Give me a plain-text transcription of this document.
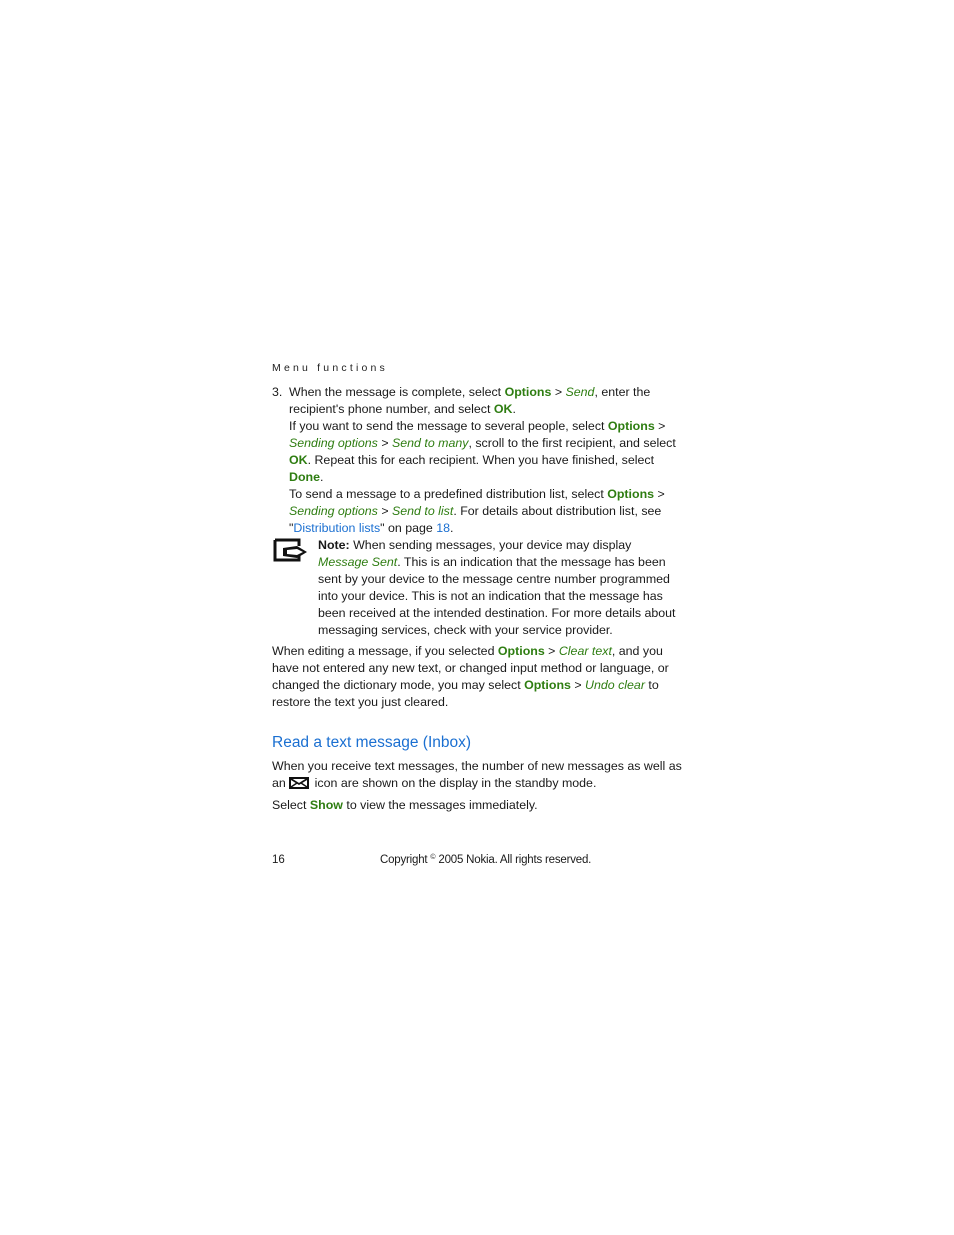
Menu functions

3. When the message is complete, select Options > Send, enter the recipient's phone number, and select OK.

If you want to send the message to several people, select Options > Sending options > Send to many, scroll to the first recipient, and select OK. Repeat this for each recipient. When you have finished, select Done.

To send a message to a predefined distribution list, select Options > Sending options > Send to list. For details about distribution list, see "Distribution lists" on page 18.

Note: When sending messages, your device may display Message Sent. This is an indication that the message has been sent by your device to the message centre number programmed into your device. This is not an indication that the message has been received at the intended destination. For more details about messaging services, check with your service provider.

When editing a message, if you selected Options > Clear text, and you have not entered any new text, or changed input method or language, or changed the dictionary mode, you may select Options > Undo clear to restore the text you just cleared.

Read a text message (Inbox)

When you receive text messages, the number of new messages as well as an  icon are shown on the display in the standby mode.

Select Show to view the messages immediately.

16	Copyright © 2005 Nokia. All rights reserved.
